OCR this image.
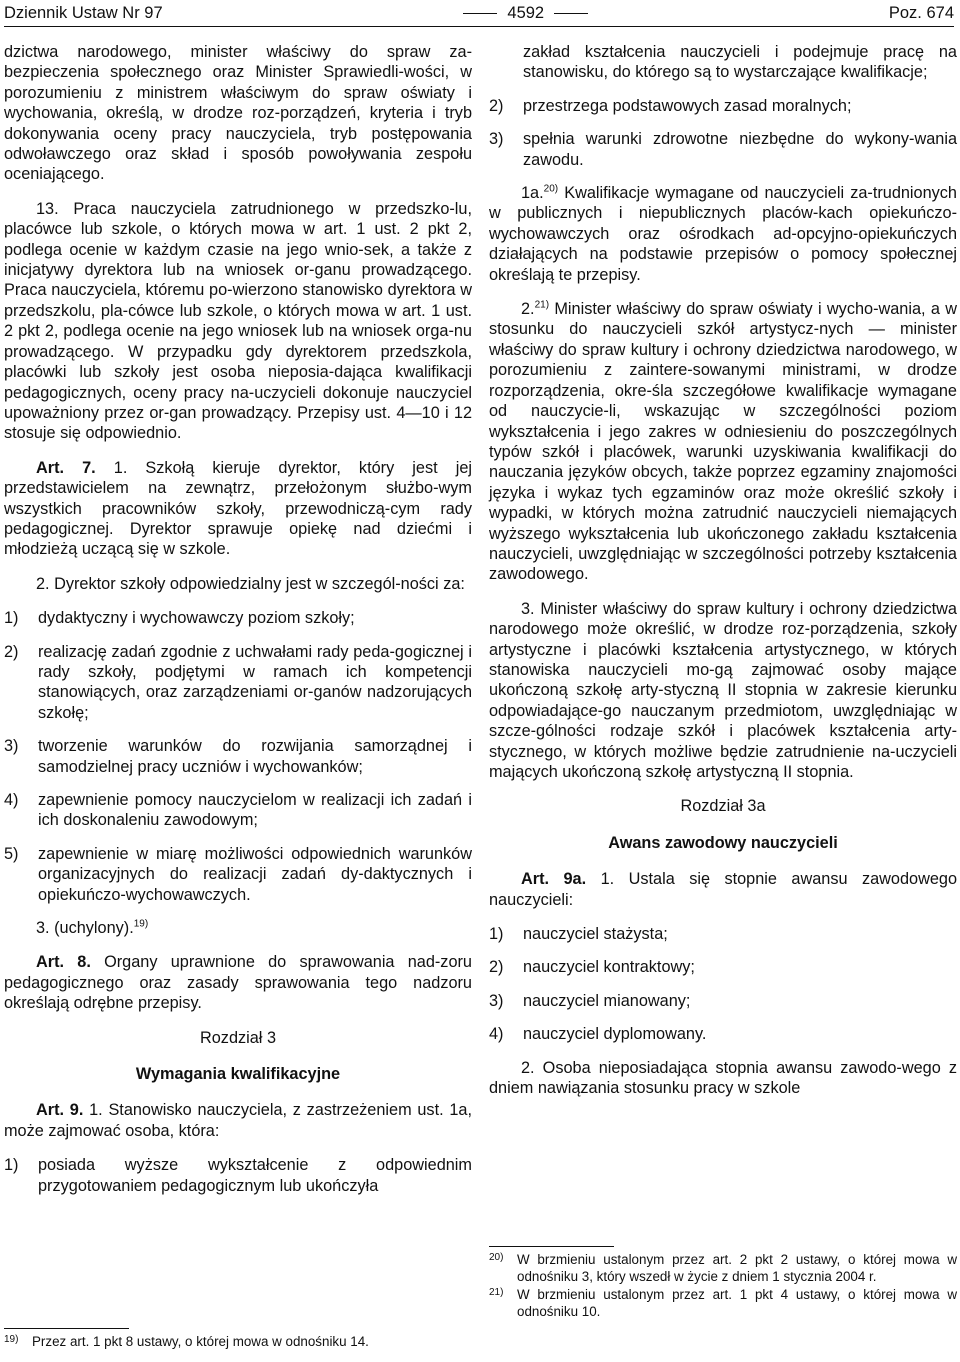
Dziennik Ustaw Nr 97	4592	Poz. 674

dzictwa narodowego, minister właściwy do spraw za-bezpieczenia społecznego oraz Minister Sprawiedli-wości, w porozumieniu z ministrem właściwym do spraw oświaty i wychowania, określą, w drodze roz-porządzeń, kryteria i tryb dokonywania oceny pracy nauczyciela, tryb postępowania odwoławczego oraz skład i sposób powoływania zespołu oceniającego.

13. Praca nauczyciela zatrudnionego w przedszko-lu, placówce lub szkole, o których mowa w art. 1 ust. 2 pkt 2, podlega ocenie w każdym czasie na jego wnio-sek, a także z inicjatywy dyrektora lub na wniosek or-ganu prowadzącego. Praca nauczyciela, któremu po-wierzono stanowisko dyrektora w przedszkolu, pla-cówce lub szkole, o których mowa w art. 1 ust. 2 pkt 2, podlega ocenie na jego wniosek lub na wniosek orga-nu prowadzącego. W przypadku gdy dyrektorem przedszkola, placówki lub szkoły jest osoba nieposia-dająca kwalifikacji pedagogicznych, oceny pracy na-uczycieli dokonuje nauczyciel upoważniony przez or-gan prowadzący. Przepisy ust. 4—10 i 12 stosuje się odpowiednio.

Art. 7. 1. Szkołą kieruje dyrektor, który jest jej przedstawicielem na zewnątrz, przełożonym służbo-wym wszystkich pracowników szkoły, przewodniczą-cym rady pedagogicznej. Dyrektor sprawuje opiekę nad dziećmi i młodzieżą uczącą się w szkole.

2. Dyrektor szkoły odpowiedzialny jest w szczegól-ności za:

1)	dydaktyczny i wychowawczy poziom szkoły;
2)	realizację zadań zgodnie z uchwałami rady peda-gogicznej i rady szkoły, podjętymi w ramach ich kompetencji stanowiących, oraz zarządzeniami or-ganów nadzorujących szkołę;
3)	tworzenie warunków do rozwijania samorządnej i samodzielnej pracy uczniów i wychowanków;
4)	zapewnienie pomocy nauczycielom w realizacji ich zadań i ich doskonaleniu zawodowym;
5)	zapewnienie w miarę możliwości odpowiednich warunków organizacyjnych do realizacji zadań dy-daktycznych i opiekuńczo-wychowawczych.

3. (uchylony).$^{19)}$

Art. 8. Organy uprawnione do sprawowania nad-zoru pedagogicznego oraz zasady sprawowania tego nadzoru określają odrębne przepisy.

Rozdział 3
Wymagania kwalifikacyjne

Art. 9. 1. Stanowisko nauczyciela, z zastrzeżeniem ust. 1a, może zajmować osoba, która:

1)	posiada wyższe wykształcenie z odpowiednim przygotowaniem pedagogicznym lub ukończyła
19)	Przez art. 1 pkt 8 ustawy, o której mowa w odnośniku 14.
zakład kształcenia nauczycieli i podejmuje pracę na stanowisku, do którego są to wystarczające kwalifikacje;
2)	przestrzega podstawowych zasad moralnych;
3)	spełnia warunki zdrowotne niezbędne do wykony-wania zawodu.

1a.$^{20)}$ Kwalifikacje wymagane od nauczycieli za-trudnionych w publicznych i niepublicznych placów-kach opiekuńczo-wychowawczych oraz ośrodkach ad-opcyjno-opiekuńczych działających na podstawie przepisów o pomocy społecznej określają te przepisy.

2.$^{21)}$ Minister właściwy do spraw oświaty i wycho-wania, a w stosunku do nauczycieli szkół artystycz-nych — minister właściwy do spraw kultury i ochrony dziedzictwa narodowego, w porozumieniu z zaintere-sowanymi ministrami, w drodze rozporządzenia, okre-śla szczegółowe kwalifikacje wymagane od nauczycie-li, wskazując w szczególności poziom wykształcenia i jego zakres w odniesieniu do poszczególnych typów szkół i placówek, warunki uzyskiwania kwalifikacji do nauczania języków obcych, także poprzez egzaminy znajomości języka i wykaz tych egzaminów oraz może określić szkoły i wypadki, w których można zatrudnić nauczycieli niemających wyższego wykształcenia lub ukończonego zakładu kształcenia nauczycieli, uwzględniając w szczególności potrzeby kształcenia zawodowego.

3. Minister właściwy do spraw kultury i ochrony dziedzictwa narodowego może określić, w drodze roz-porządzenia, szkoły artystyczne i placówki kształcenia artystycznego, w których stanowiska nauczycieli mo-gą zajmować osoby mające ukończoną szkołę arty-styczną II stopnia w zakresie kierunku odpowiadające-go nauczanym przedmiotom, uwzględniając w szcze-gólności rodzaje szkół i placówek kształcenia arty-stycznego, w których możliwe będzie zatrudnienie na-uczycieli mających ukończoną szkołę artystyczną II stopnia.

Rozdział 3a
Awans zawodowy nauczycieli

Art. 9a. 1. Ustala się stopnie awansu zawodowego nauczycieli:

1)	nauczyciel stażysta;
2)	nauczyciel kontraktowy;
3)	nauczyciel mianowany;
4)	nauczyciel dyplomowany.

2. Osoba nieposiadająca stopnia awansu zawodo-wego z dniem nawiązania stosunku pracy w szkole

20)	W brzmieniu ustalonym przez art. 2 pkt 2 ustawy, o której mowa w odnośniku 3, który wszedł w życie z dniem 1 stycznia 2004 r.
21)	W brzmieniu ustalonym przez art. 1 pkt 4 ustawy, o której mowa w odnośniku 10.
